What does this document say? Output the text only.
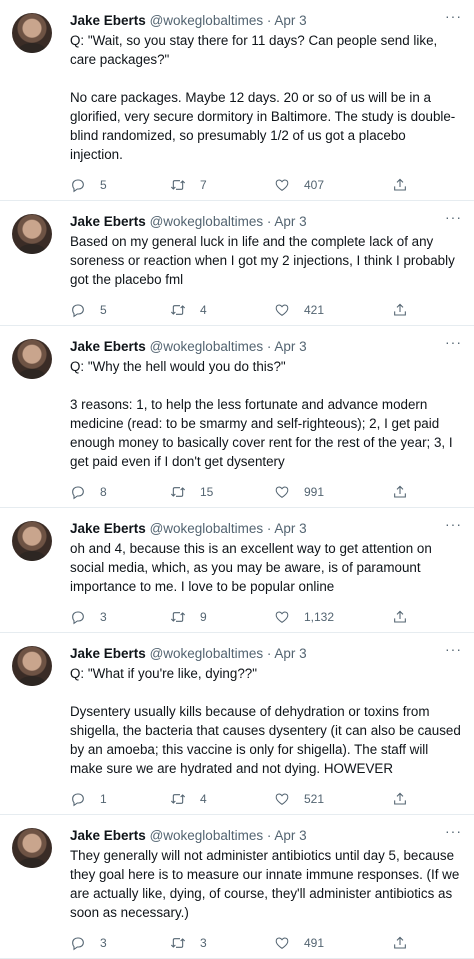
···
Jake Eberts @wokeglobaltimes · Apr 3
Q: "Wait, so you stay there for 11 days? Can people send like, care packages?"

No care packages. Maybe 12 days. 20 or so of us will be in a glorified, very secure dormitory in Baltimore. The study is double-blind randomized, so presumably 1/2 of us got a placebo injection.
5	7	407
···
Jake Eberts @wokeglobaltimes · Apr 3
Based on my general luck in life and the complete lack of any soreness or reaction when I got my 2 injections, I think I probably got the placebo fml
5	4	421
···
Jake Eberts @wokeglobaltimes · Apr 3
Q: "Why the hell would you do this?"

3 reasons: 1, to help the less fortunate and advance modern medicine (read: to be smarmy and self-righteous); 2, I get paid enough money to basically cover rent for the rest of the year; 3, I get paid even if I don't get dysentery
8	15	991
···
Jake Eberts @wokeglobaltimes · Apr 3
oh and 4, because this is an excellent way to get attention on social media, which, as you may be aware, is of paramount importance to me. I love to be popular online
3	9	1,132
···
Jake Eberts @wokeglobaltimes · Apr 3
Q: "What if you're like, dying??"

Dysentery usually kills because of dehydration or toxins from shigella, the bacteria that causes dysentery (it can also be caused by an amoeba; this vaccine is only for shigella). The staff will make sure we are hydrated and not dying. HOWEVER
1	4	521
···
Jake Eberts @wokeglobaltimes · Apr 3
They generally will not administer antibiotics until day 5, because they goal here is to measure our innate immune responses. (If we are actually like, dying, of course, they'll administer antibiotics as soon as necessary.)
3	3	491
